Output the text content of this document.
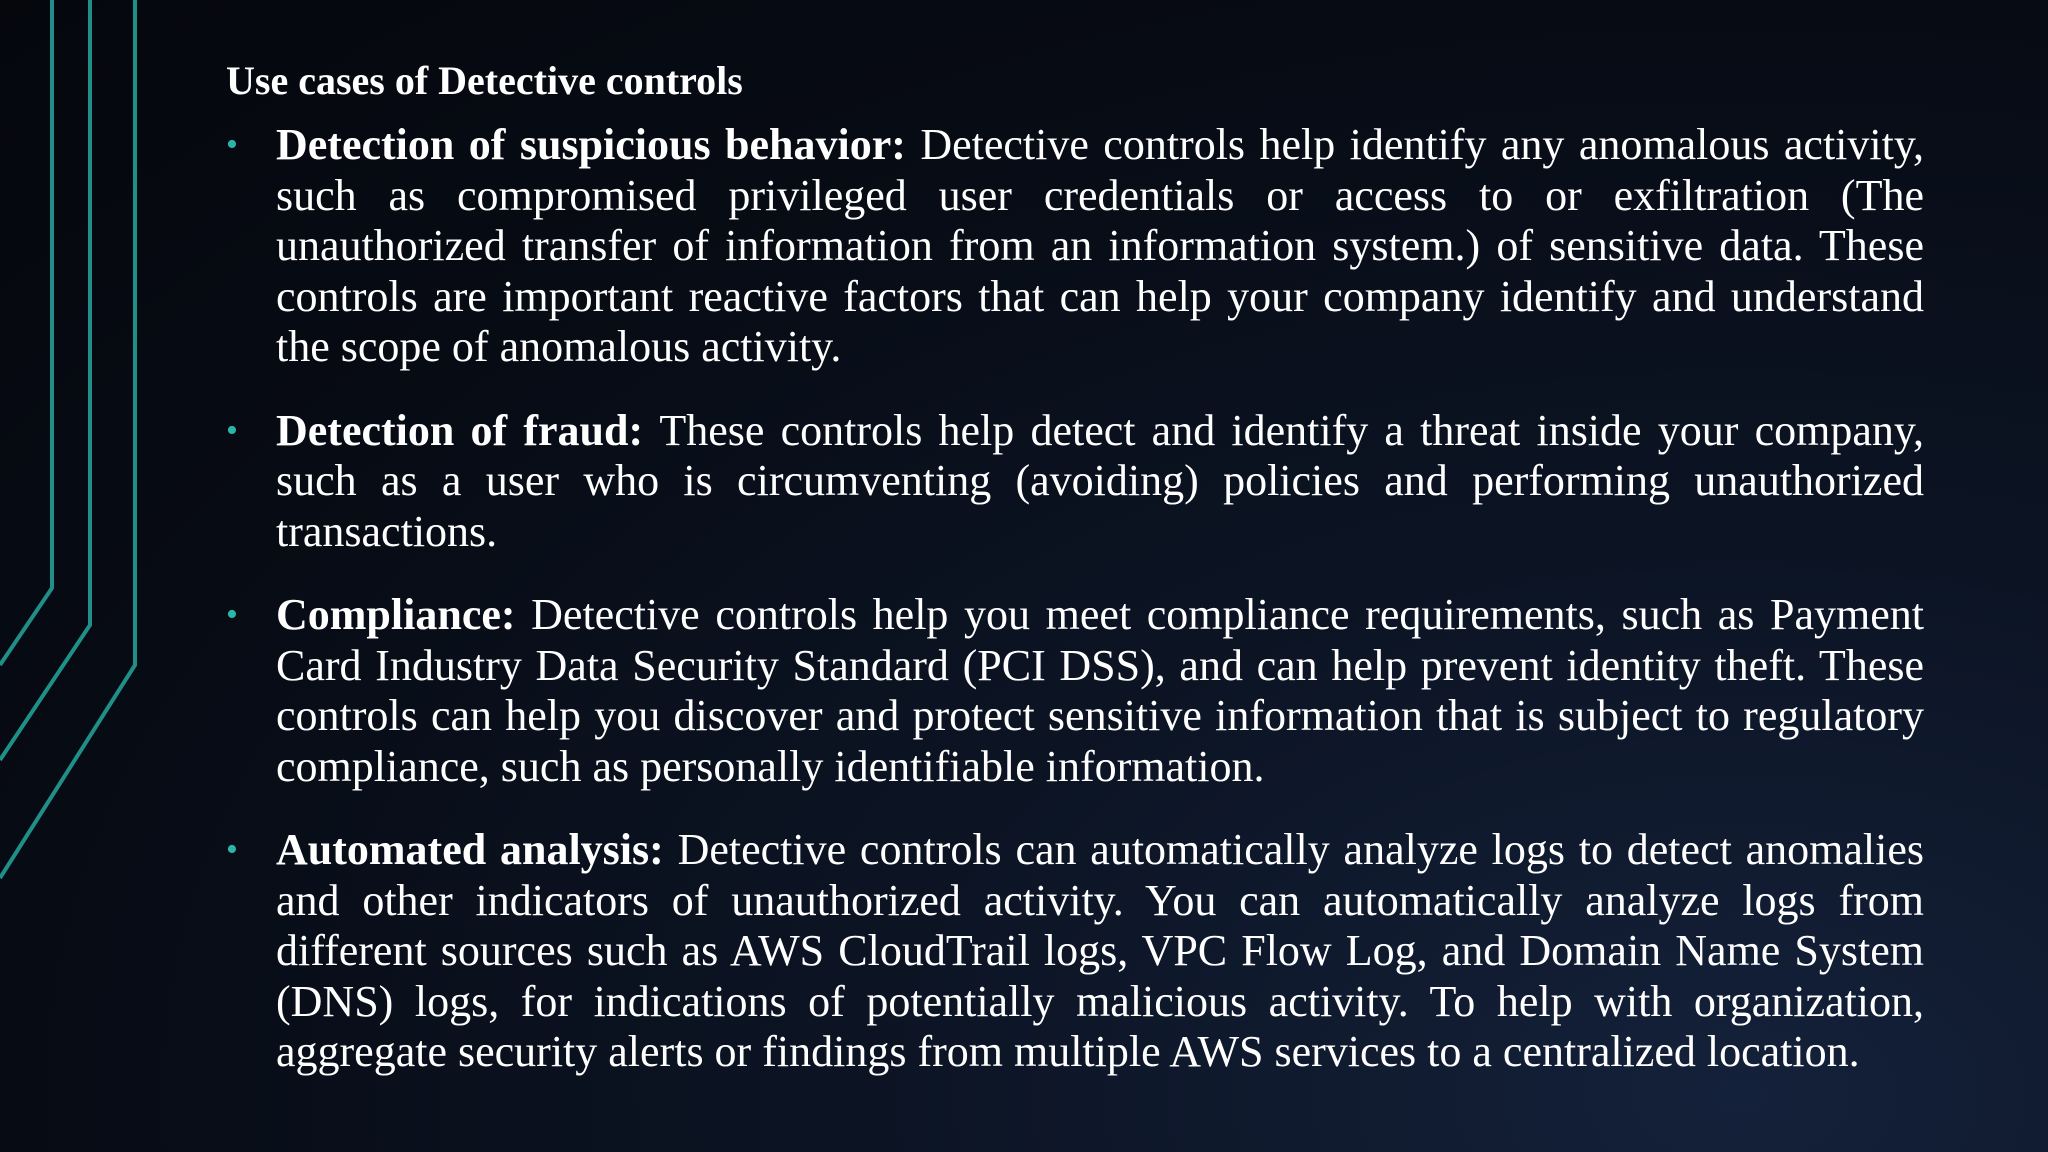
Use cases of Detective controls
• Detection of suspicious behavior: Detective controls help identify any anomalous activity, such as compromised privileged user credentials or access to or exfiltration (The unauthorized transfer of information from an information system.) of sensitive data. These controls are important reactive factors that can help your company identify and understand the scope of anomalous activity.
• Detection of fraud: These controls help detect and identify a threat inside your company, such as a user who is circumventing (avoiding) policies and performing unauthorized transactions.
• Compliance: Detective controls help you meet compliance requirements, such as Payment Card Industry Data Security Standard (PCI DSS), and can help prevent identity theft. These controls can help you discover and protect sensitive information that is subject to regulatory compliance, such as personally identifiable information.
• Automated analysis: Detective controls can automatically analyze logs to detect anomalies and other indicators of unauthorized activity. You can automatically analyze logs from different sources such as AWS CloudTrail logs, VPC Flow Log, and Domain Name System (DNS) logs, for indications of potentially malicious activity. To help with organization, aggregate security alerts or findings from multiple AWS services to a centralized location.
